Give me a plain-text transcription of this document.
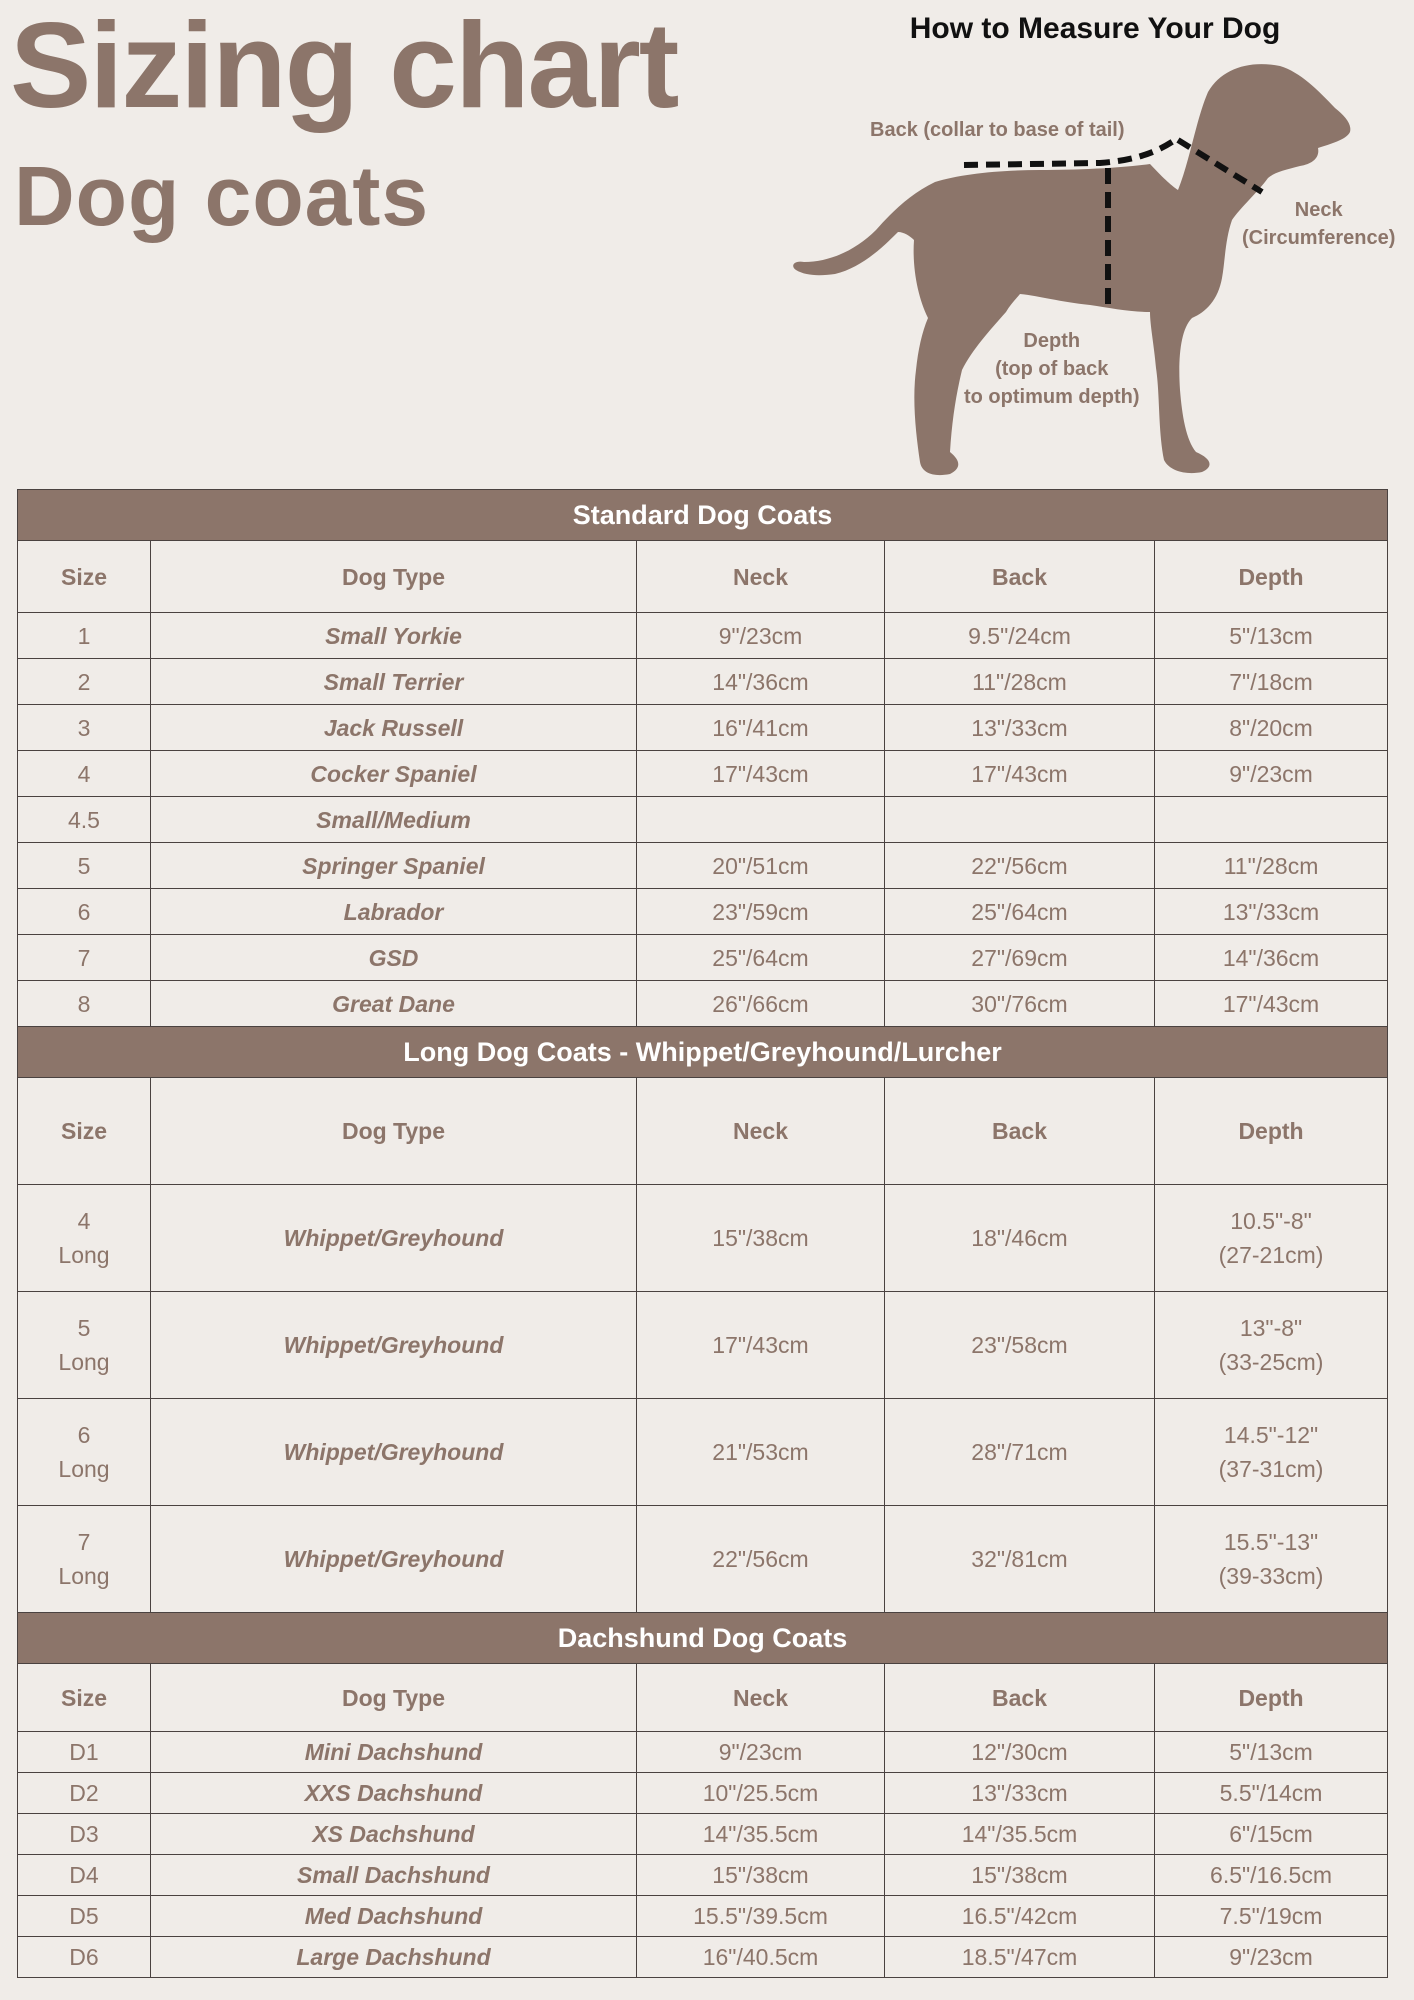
Sizing chart
Dog coats
How to Measure Your Dog
Back (collar to base of tail)
Neck
(Circumference)
Depth
(top of back
to optimum depth)
Standard Dog Coats				
Size	Dog Type	Neck	Back	Depth
1	Small Yorkie	9"/23cm	9.5"/24cm	5"/13cm
2	Small Terrier	14"/36cm	11"/28cm	7"/18cm
3	Jack Russell	16"/41cm	13"/33cm	8"/20cm
4	Cocker Spaniel	17"/43cm	17"/43cm	9"/23cm
4.5	Small/Medium			
5	Springer Spaniel	20"/51cm	22"/56cm	11"/28cm
6	Labrador	23"/59cm	25"/64cm	13"/33cm
7	GSD	25"/64cm	27"/69cm	14"/36cm
8	Great Dane	26"/66cm	30"/76cm	17"/43cm
Long Dog Coats - Whippet/Greyhound/Lurcher				
Size	Dog Type	Neck	Back	Depth

4
Long	Whippet/Greyhound	15"/38cm	18"/46cm	10.5"-8"
(27-21cm)

5
Long	Whippet/Greyhound	17"/43cm	23"/58cm	13"-8"
(33-25cm)

6
Long	Whippet/Greyhound	21"/53cm	28"/71cm	14.5"-12"
(37-31cm)

7
Long	Whippet/Greyhound	22"/56cm	32"/81cm	15.5"-13"
(39-33cm)

Dachshund Dog Coats				
Size	Dog Type	Neck	Back	Depth
D1	Mini Dachshund	9"/23cm	12"/30cm	5"/13cm
D2	XXS Dachshund	10"/25.5cm	13"/33cm	5.5"/14cm
D3	XS Dachshund	14"/35.5cm	14"/35.5cm	6"/15cm
D4	Small Dachshund	15"/38cm	15"/38cm	6.5"/16.5cm
D5	Med Dachshund	15.5"/39.5cm	16.5"/42cm	7.5"/19cm
D6	Large Dachshund	16"/40.5cm	18.5"/47cm	9"/23cm
